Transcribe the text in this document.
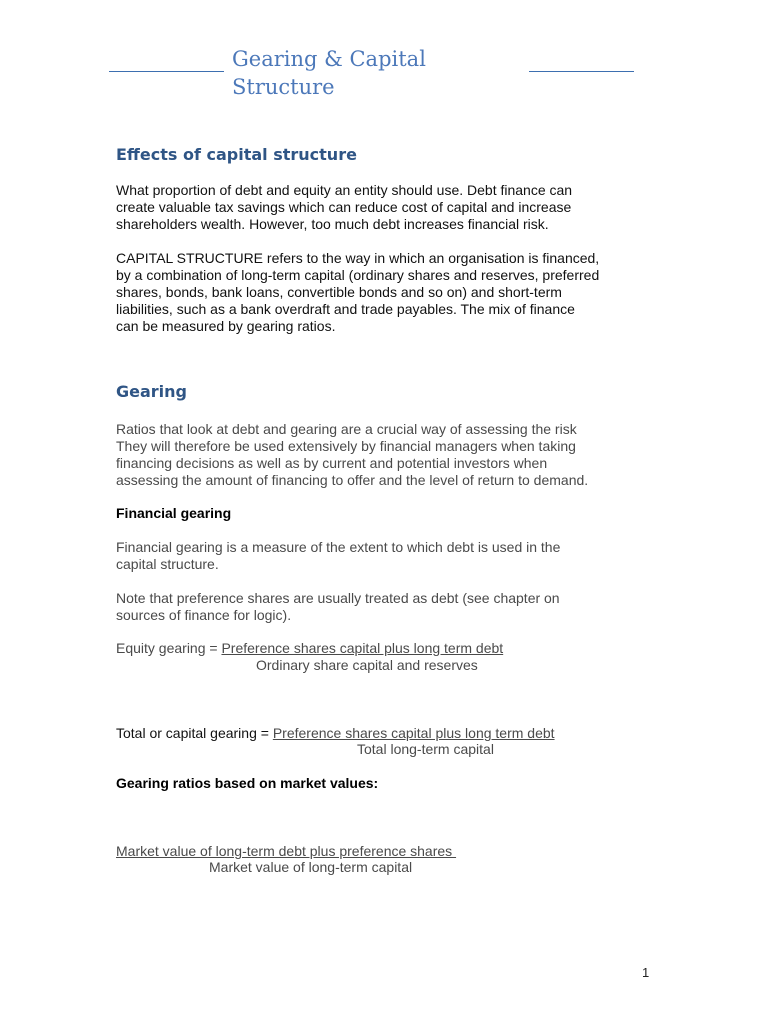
Gearing & Capital
Structure
Effects of capital structure
What proportion of debt and equity an entity should use. Debt finance can
create valuable tax savings which can reduce cost of capital and increase
shareholders wealth. However, too much debt increases financial risk.
CAPITAL STRUCTURE refers to the way in which an organisation is financed,
by a combination of long-term capital (ordinary shares and reserves, preferred
shares, bonds, bank loans, convertible bonds and so on) and short-term
liabilities, such as a bank overdraft and trade payables. The mix of finance
can be measured by gearing ratios.
Gearing
Ratios that look at debt and gearing are a crucial way of assessing the risk
They will therefore be used extensively by financial managers when taking
financing decisions as well as by current and potential investors when
assessing the amount of financing to offer and the level of return to demand.
Financial gearing
Financial gearing is a measure of the extent to which debt is used in the
capital structure.
Note that preference shares are usually treated as debt (see chapter on
sources of finance for logic).
Equity gearing = Preference shares capital plus long term debt
Ordinary share capital and reserves
Total or capital gearing = Preference shares capital plus long term debt
Total long-term capital
Gearing ratios based on market values:
Market value of long-term debt plus preference shares
Market value of long-term capital
1
